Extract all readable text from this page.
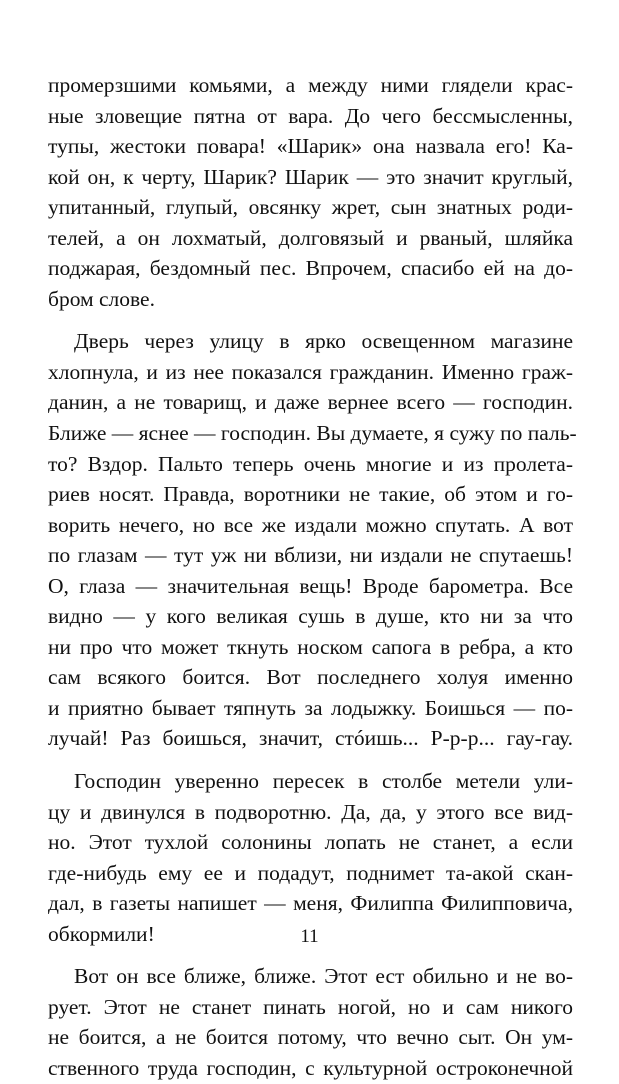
промерзшими комьями, а между ними глядели крас-
ные зловещие пятна от вара. До чего бессмысленны,
тупы, жестоки повара! «Шарик» она назвала его! Ка-
кой он, к черту, Шарик? Шарик — это значит круглый,
упитанный, глупый, овсянку жрет, сын знатных роди-
телей, а он лохматый, долговязый и рваный, шляйка
поджарая, бездомный пес. Впрочем, спасибо ей на до-
бром слове.
Дверь через улицу в ярко освещенном магазине
хлопнула, и из нее показался гражданин. Именно граж-
данин, а не товарищ, и даже вернее всего — господин.
Ближе — яснее — господин. Вы думаете, я сужу по паль-
то? Вздор. Пальто теперь очень многие и из пролета-
риев носят. Правда, воротники не такие, об этом и го-
ворить нечего, но все же издали можно спутать. А вот
по глазам — тут уж ни вблизи, ни издали не спутаешь!
О, глаза — значительная вещь! Вроде барометра. Все
видно — у кого великая сушь в душе, кто ни за что
ни про что может ткнуть носком сапога в ребра, а кто
сам всякого боится. Вот последнего холуя именно
и приятно бывает тяпнуть за лодыжку. Боишься — по-
лучай! Раз боишься, значит, стóишь... Р-р-р... гау-гау.
Господин уверенно пересек в столбе метели ули-
цу и двинулся в подворотню. Да, да, у этого все вид-
но. Этот тухлой солонины лопать не станет, а если
где-нибудь ему ее и подадут, поднимет та-акой скан-
дал, в газеты напишет — меня, Филиппа Филипповича,
обкормили!
Вот он все ближе, ближе. Этот ест обильно и не во-
рует. Этот не станет пинать ногой, но и сам никого
не боится, а не боится потому, что вечно сыт. Он ум-
ственного труда господин, с культурной остроконечной
11
